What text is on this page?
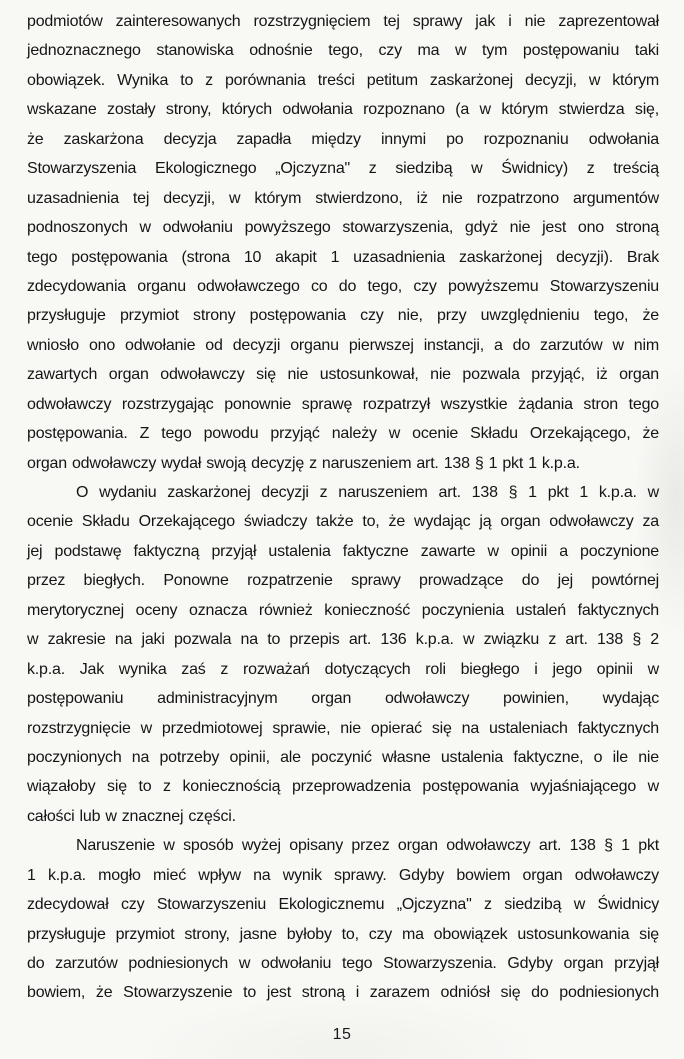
podmiotów zainteresowanych rozstrzygnięciem tej sprawy jak i nie zaprezentował
jednoznacznego stanowiska odnośnie tego, czy ma w tym postępowaniu taki
obowiązek. Wynika to z porównania treści petitum zaskarżonej decyzji, w którym
wskazane zostały strony, których odwołania rozpoznano (a w którym stwierdza się,
że zaskarżona decyzja zapadła między innymi po rozpoznaniu odwołania
Stowarzyszenia Ekologicznego „Ojczyzna" z siedzibą w Świdnicy) z treścią
uzasadnienia tej decyzji, w którym stwierdzono, iż nie rozpatrzono argumentów
podnoszonych w odwołaniu powyższego stowarzyszenia, gdyż nie jest ono stroną
tego postępowania (strona 10 akapit 1 uzasadnienia zaskarżonej decyzji). Brak
zdecydowania organu odwoławczego co do tego, czy powyższemu Stowarzyszeniu
przysługuje przymiot strony postępowania czy nie, przy uwzględnieniu tego, że
wniosło ono odwołanie od decyzji organu pierwszej instancji, a do zarzutów w nim
zawartych organ odwoławczy się nie ustosunkował, nie pozwala przyjąć, iż organ
odwoławczy rozstrzygając ponownie sprawę rozpatrzył wszystkie żądania stron tego
postępowania. Z tego powodu przyjąć należy w ocenie Składu Orzekającego, że
organ odwoławczy wydał swoją decyzję z naruszeniem art. 138 § 1 pkt 1 k.p.a.
O wydaniu zaskarżonej decyzji z naruszeniem art. 138 § 1 pkt 1 k.p.a. w
ocenie Składu Orzekającego świadczy także to, że wydając ją organ odwoławczy za
jej podstawę faktyczną przyjął ustalenia faktyczne zawarte w opinii a poczynione
przez biegłych. Ponowne rozpatrzenie sprawy prowadzące do jej powtórnej
merytorycznej oceny oznacza również konieczność poczynienia ustaleń faktycznych
w zakresie na jaki pozwala na to przepis art. 136 k.p.a. w związku z art. 138 § 2
k.p.a. Jak wynika zaś z rozważań dotyczących roli biegłego i jego opinii w
postępowaniu administracyjnym organ odwoławczy powinien, wydając
rozstrzygnięcie w przedmiotowej sprawie, nie opierać się na ustaleniach faktycznych
poczynionych na potrzeby opinii, ale poczynić własne ustalenia faktyczne, o ile nie
wiązałoby się to z koniecznością przeprowadzenia postępowania wyjaśniającego w
całości lub w znacznej części.
Naruszenie w sposób wyżej opisany przez organ odwoławczy art. 138 § 1 pkt
1 k.p.a. mogło mieć wpływ na wynik sprawy. Gdyby bowiem organ odwoławczy
zdecydował czy Stowarzyszeniu Ekologicznemu „Ojczyzna" z siedzibą w Świdnicy
przysługuje przymiot strony, jasne byłoby to, czy ma obowiązek ustosunkowania się
do zarzutów podniesionych w odwołaniu tego Stowarzyszenia. Gdyby organ przyjął
bowiem, że Stowarzyszenie to jest stroną i zarazem odniósł się do podniesionych
15
